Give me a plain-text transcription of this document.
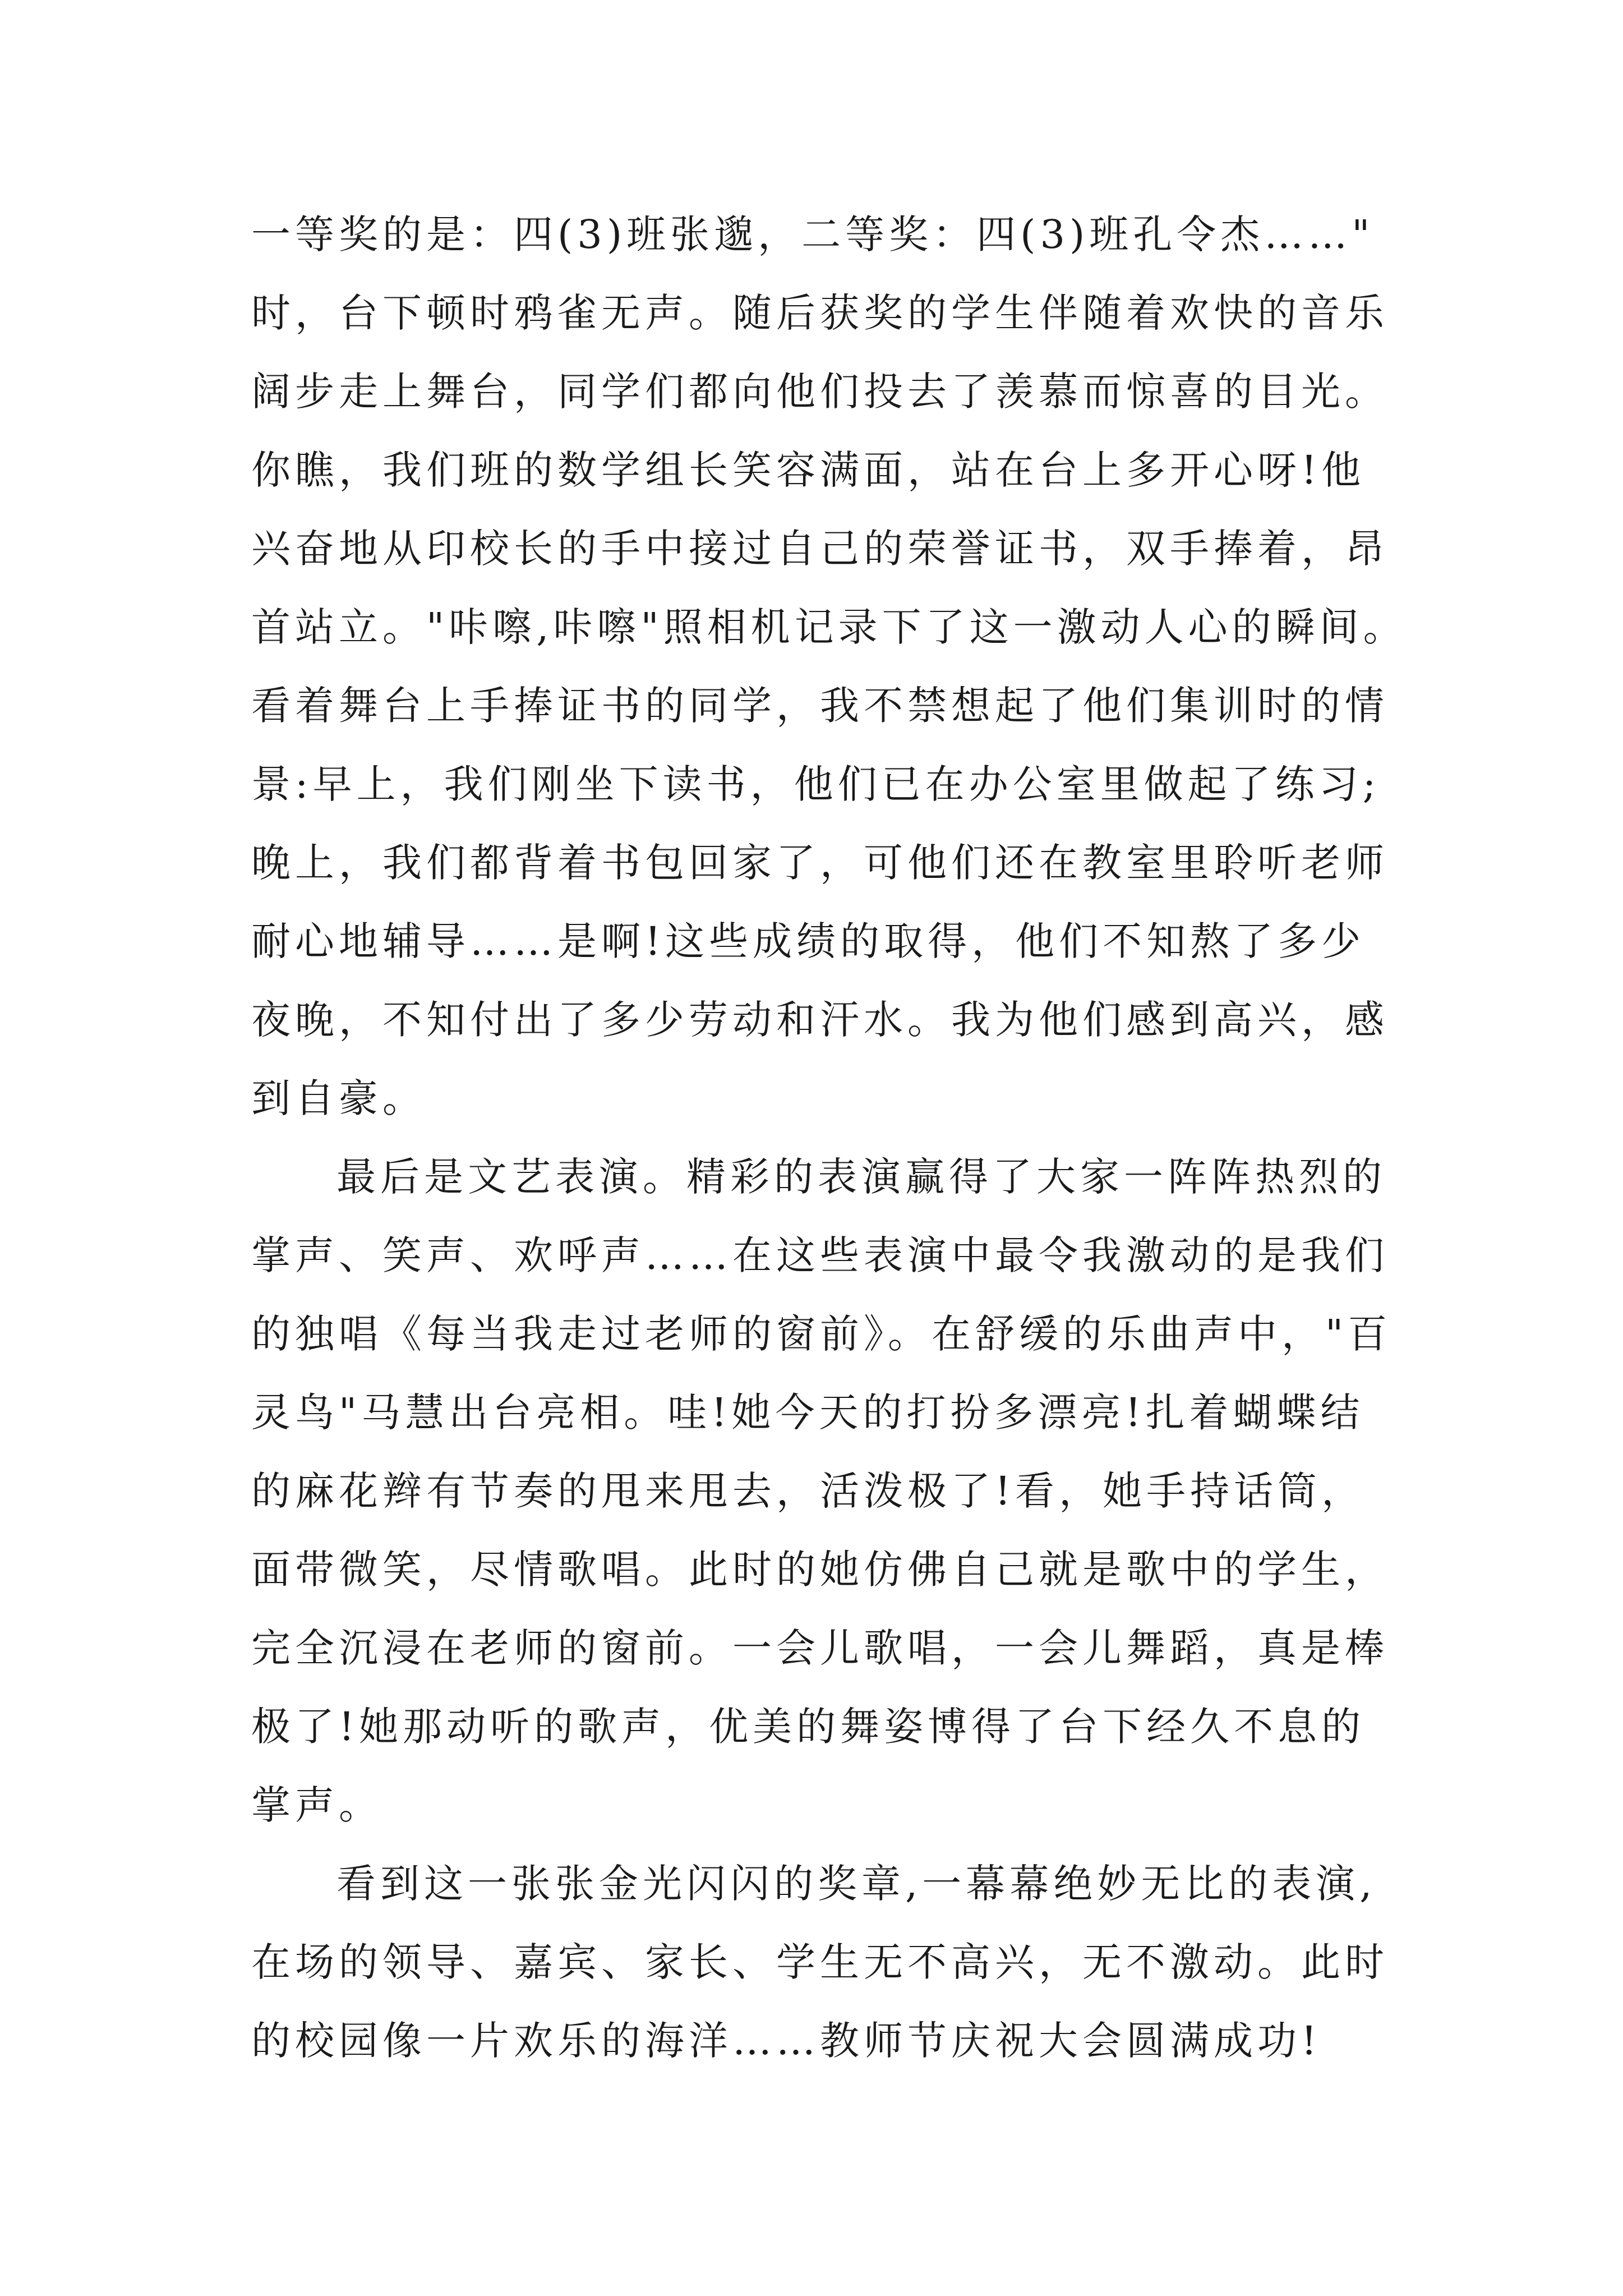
一等奖的是：四(3)班张邈，二等奖：四(3)班孔令杰……"

时，台下顿时鸦雀无声。随后获奖的学生伴随着欢快的音乐

阔步走上舞台，同学们都向他们投去了羡慕而惊喜的目光。

你瞧，我们班的数学组长笑容满面，站在台上多开心呀!他

兴奋地从印校长的手中接过自己的荣誉证书，双手捧着，昂

首站立。"咔嚓,咔嚓"照相机记录下了这一激动人心的瞬间。

看着舞台上手捧证书的同学，我不禁想起了他们集训时的情

景:早上，我们刚坐下读书，他们已在办公室里做起了练习;

晚上，我们都背着书包回家了，可他们还在教室里聆听老师

耐心地辅导……是啊!这些成绩的取得，他们不知熬了多少

夜晚，不知付出了多少劳动和汗水。我为他们感到高兴，感

到自豪。

最后是文艺表演。精彩的表演赢得了大家一阵阵热烈的

掌声、笑声、欢呼声……在这些表演中最令我激动的是我们

的独唱《每当我走过老师的窗前》。在舒缓的乐曲声中，"百

灵鸟"马慧出台亮相。哇!她今天的打扮多漂亮!扎着蝴蝶结

的麻花辫有节奏的甩来甩去，活泼极了!看，她手持话筒，

面带微笑，尽情歌唱。此时的她仿佛自己就是歌中的学生，

完全沉浸在老师的窗前。一会儿歌唱，一会儿舞蹈，真是棒

极了!她那动听的歌声，优美的舞姿博得了台下经久不息的

掌声。

看到这一张张金光闪闪的奖章,一幕幕绝妙无比的表演,

在场的领导、嘉宾、家长、学生无不高兴，无不激动。此时

的校园像一片欢乐的海洋……教师节庆祝大会圆满成功!
